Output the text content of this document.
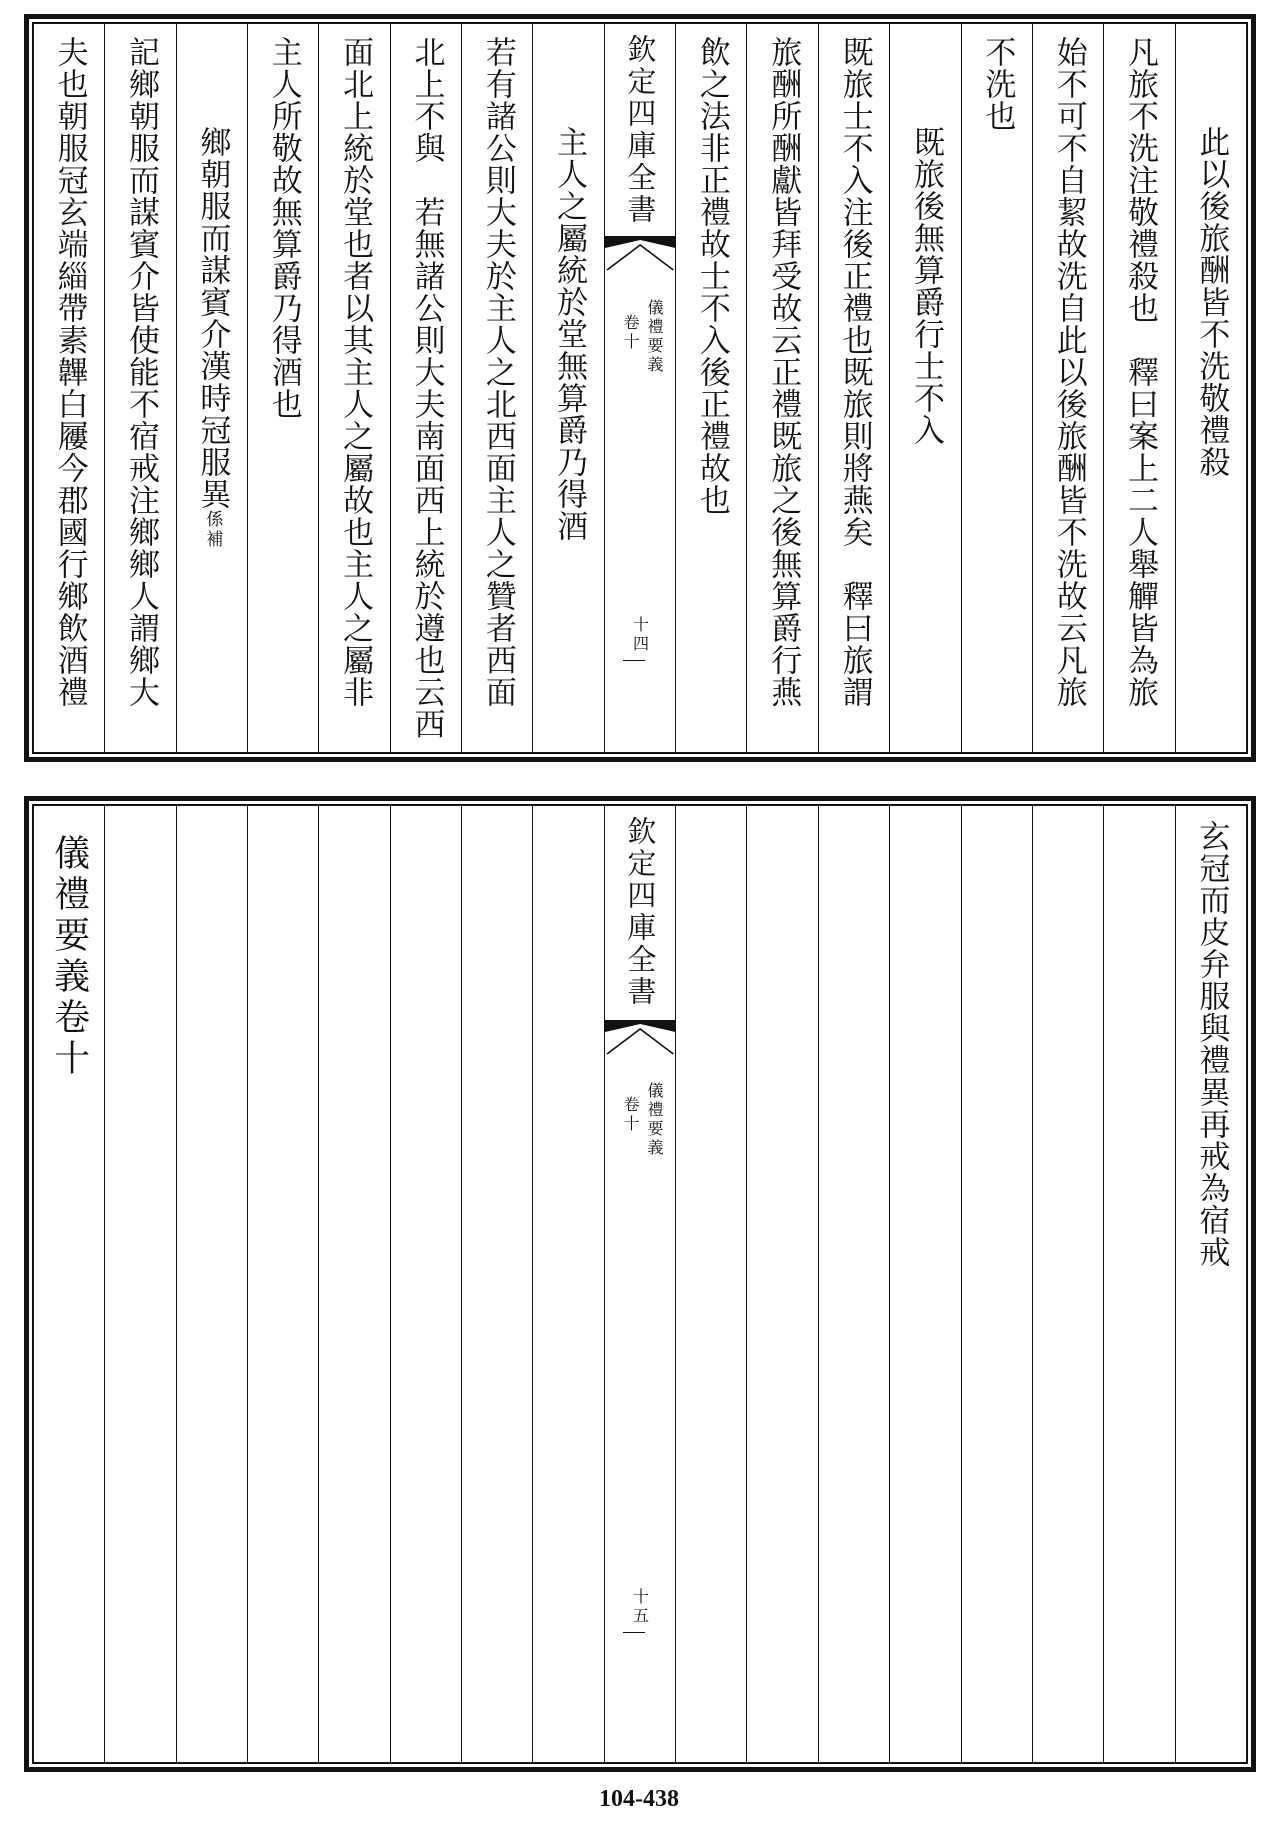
此以後旅酬皆不洗敬禮殺
凡旅不洗注敬禮殺也　釋曰案上二人舉觶皆為旅
始不可不自絜故洗自此以後旅酬皆不洗故云凡旅
不洗也
既旅後無算爵行士不入
既旅士不入注後正禮也既旅則將燕矣　釋曰旅謂
旅酬所酬獻皆拜受故云正禮既旅之後無算爵行燕
飲之法非正禮故士不入後正禮故也
欽定四庫全書
儀禮要義
卷十
十四
主人之屬統於堂無算爵乃得酒
若有諸公則大夫於主人之北西面主人之贊者西面
北上不與　若無諸公則大夫南面西上統於遵也云西
面北上統於堂也者以其主人之屬故也主人之屬非
主人所敬故無算爵乃得酒也
鄉朝服而謀賓介漢時冠服異係補
記鄉朝服而謀賓介皆使能不宿戒注鄉鄉人謂鄉大
夫也朝服冠玄端緇帶素韠白屨今郡國行鄉飲酒禮
玄冠而皮弁服與禮異再戒為宿戒
欽定四庫全書
儀禮要義
卷十
十五
儀禮要義卷十
104-438
